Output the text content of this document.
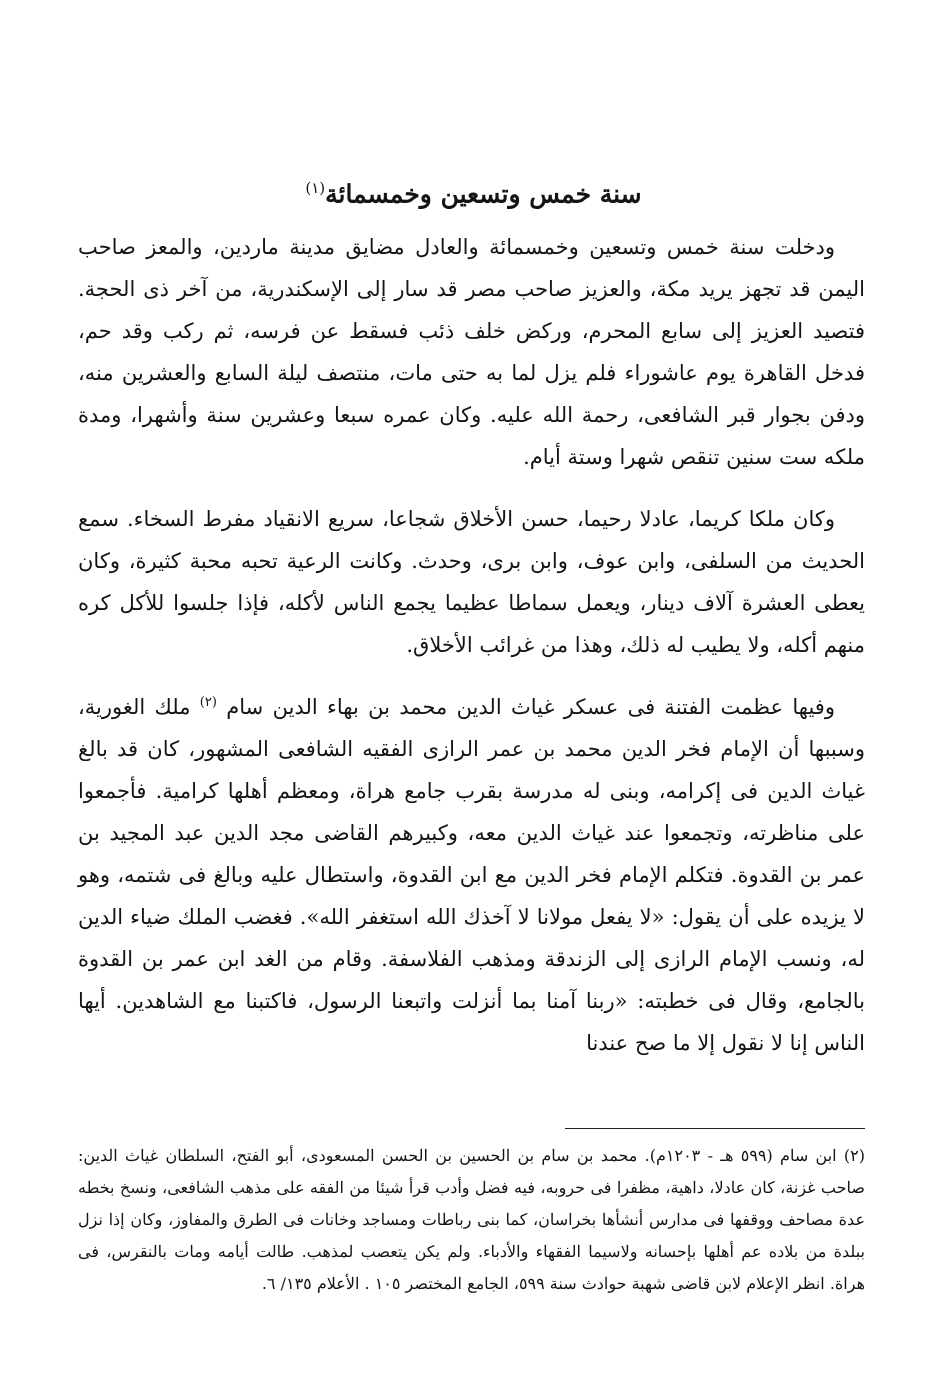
سنة خمس وتسعين وخمسمائة$^{(١)}$

ودخلت سنة خمس وتسعين وخمسمائة والعادل مضايق مدينة ماردين، والمعز صاحب اليمن قد تجهز يريد مكة، والعزيز صاحب مصر قد سار إلى الإسكندرية، من آخر ذى الحجة. فتصيد العزيز إلى سابع المحرم، وركض خلف ذئب فسقط عن فرسه، ثم ركب وقد حم، فدخل القاهرة يوم عاشوراء فلم يزل لما به حتى مات، منتصف ليلة السابع والعشرين منه، ودفن بجوار قبر الشافعى، رحمة الله عليه. وكان عمره سبعا وعشرين سنة وأشهرا، ومدة ملكه ست سنين تنقص شهرا وستة أيام.

وكان ملكا كريما، عادلا رحيما، حسن الأخلاق شجاعا، سريع الانقياد مفرط السخاء. سمع الحديث من السلفى، وابن عوف، وابن برى، وحدث. وكانت الرعية تحبه محبة كثيرة، وكان يعطى العشرة آلاف دينار، ويعمل سماطا عظيما يجمع الناس لأكله، فإذا جلسوا للأكل كره منهم أكله، ولا يطيب له ذلك، وهذا من غرائب الأخلاق.

وفيها عظمت الفتنة فى عسكر غياث الدين محمد بن بهاء الدين سام $^{(٢)}$ ملك الغورية، وسببها أن الإمام فخر الدين محمد بن عمر الرازى الفقيه الشافعى المشهور، كان قد بالغ غياث الدين فى إكرامه، وبنى له مدرسة بقرب جامع هراة، ومعظم أهلها كرامية. فأجمعوا على مناظرته، وتجمعوا عند غياث الدين معه، وكبيرهم القاضى مجد الدين عبد المجيد بن عمر بن القدوة. فتكلم الإمام فخر الدين مع ابن القدوة، واستطال عليه وبالغ فى شتمه، وهو لا يزيده على أن يقول: «لا يفعل مولانا لا آخذك الله استغفر الله». فغضب الملك ضياء الدين له، ونسب الإمام الرازى إلى الزندقة ومذهب الفلاسفة. وقام من الغد ابن عمر بن القدوة بالجامع، وقال فى خطبته: «ربنا آمنا بما أنزلت واتبعنا الرسول، فاكتبنا مع الشاهدين. أيها الناس إنا لا نقول إلا ما صح عندنا

(٢) ابن سام (٥٩٩ هـ - ١٢٠٣م). محمد بن سام بن الحسين بن الحسن المسعودى، أبو الفتح، السلطان غياث الدين: صاحب غزنة، كان عادلا، داهية، مظفرا فى حروبه، فيه فضل وأدب قرأ شيئا من الفقه على مذهب الشافعى، ونسخ بخطه عدة مصاحف ووقفها فى مدارس أنشأها بخراسان، كما بنى رباطات ومساجد وخانات فى الطرق والمفاوز، وكان إذا نزل ببلدة من بلاده عم أهلها بإحسانه ولاسيما الفقهاء والأدباء. ولم يكن يتعصب لمذهب. طالت أيامه ومات بالنقرس، فى هراة. انظر الإعلام لابن قاضى شهبة حوادث سنة ٥٩٩، الجامع المختصر ١٠٥ . الأعلام ١٣٥/ ٦.
